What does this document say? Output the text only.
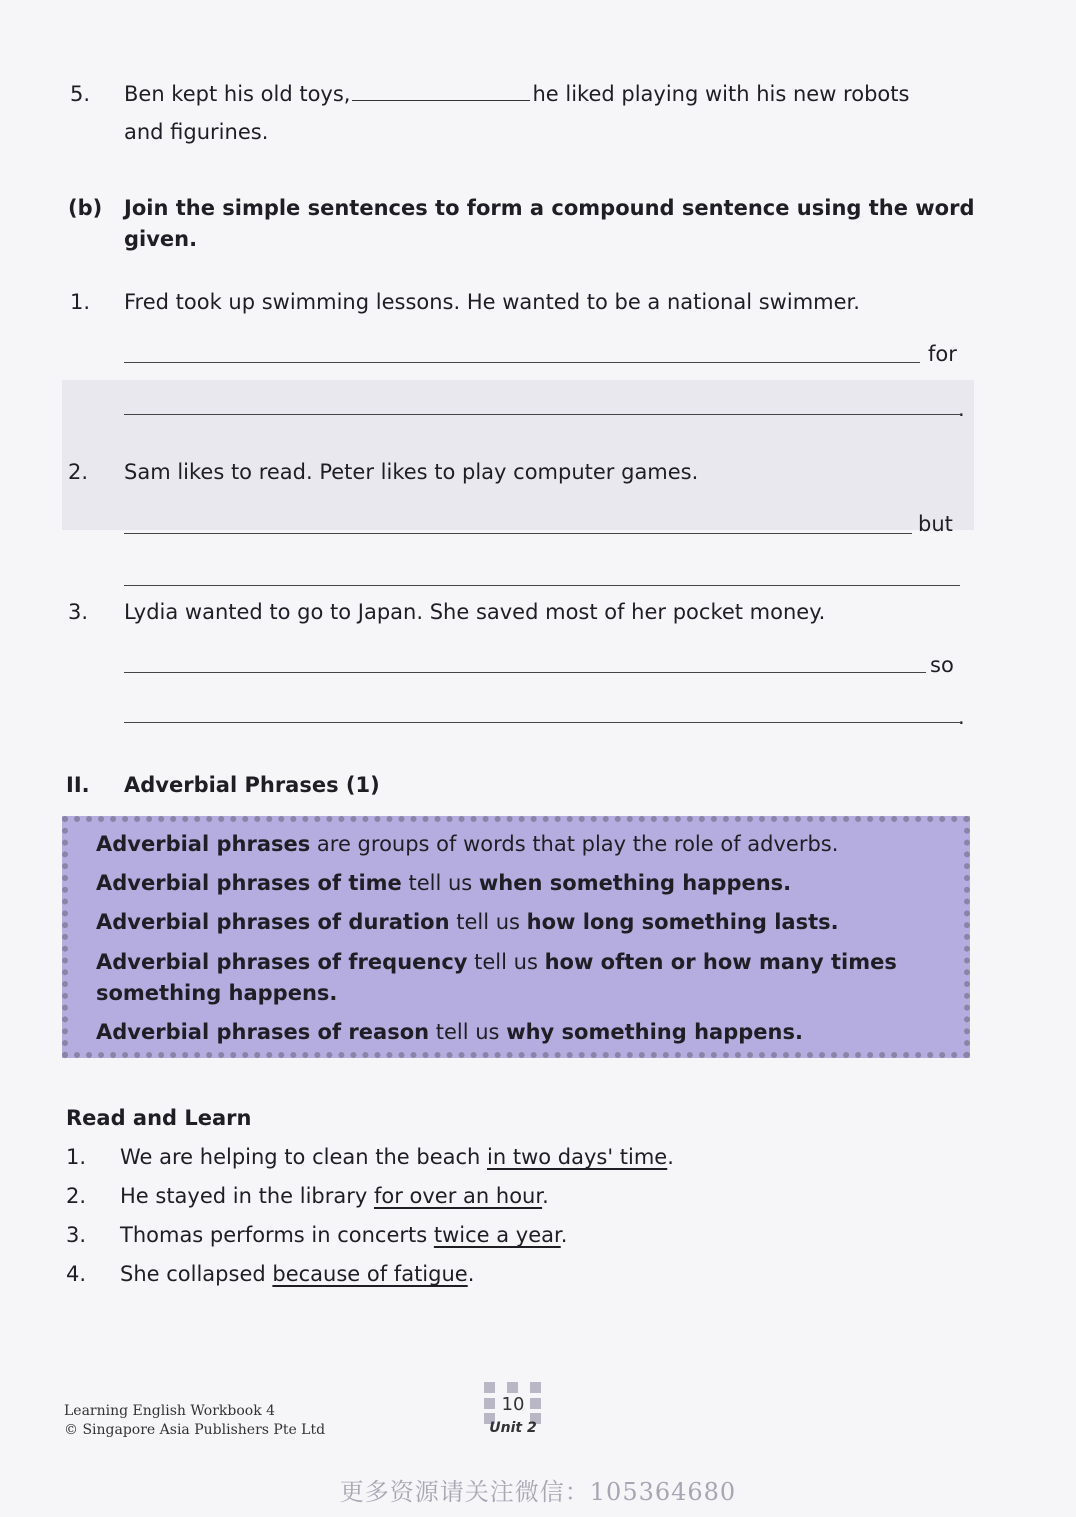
5. Ben kept his old toys,	he liked playing with his new robots
and figurines.
(b) Join the simple sentences to form a compound sentence using the word
given.
1. Fred took up swimming lessons. He wanted to be a national swimmer.
for
.
2. Sam likes to read. Peter likes to play computer games.
but
3. Lydia wanted to go to Japan. She saved most of her pocket money.
so
.
II. Adverbial Phrases (1)
Adverbial phrases are groups of words that play the role of adverbs.
Adverbial phrases of time tell us when something happens.
Adverbial phrases of duration tell us how long something lasts.
Adverbial phrases of frequency tell us how often or how many times
something happens.
Adverbial phrases of reason tell us why something happens.
Read and Learn
1. We are helping to clean the beach in two days' time.
2. He stayed in the library for over an hour.
3. Thomas performs in concerts twice a year.
4. She collapsed because of fatigue.
Learning English Workbook 4
© Singapore Asia Publishers Pte Ltd
10
Unit 2
更多资源请关注微信：105364680
